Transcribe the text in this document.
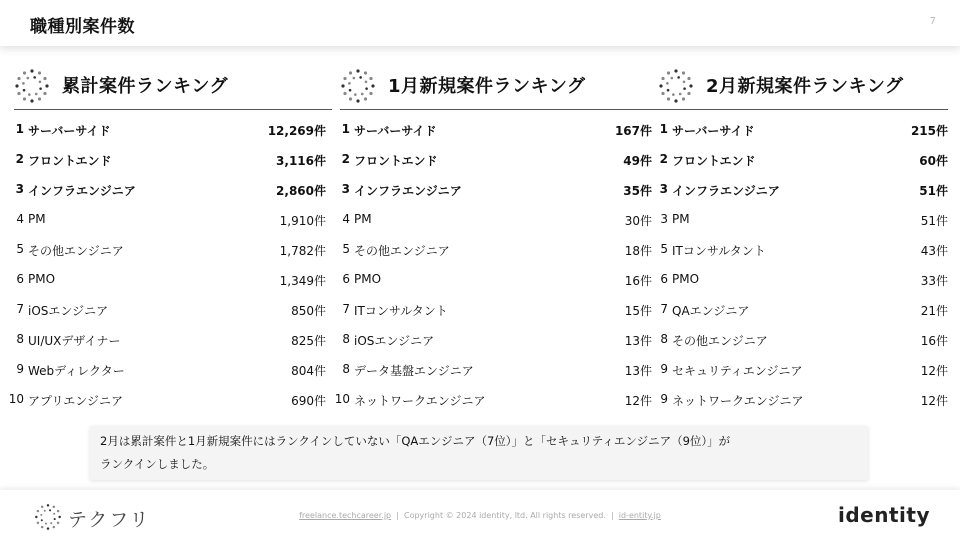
職種別案件数	7
累計案件ランキング
1 サーバーサイド	12,269件
2 フロントエンド	3,116件
3 インフラエンジニア	2,860件
4 PM	1,910件
5 その他エンジニア	1,782件
6 PMO	1,349件
7 iOSエンジニア	850件
8 UI/UXデザイナー	825件
9 Webディレクター	804件
10 アプリエンジニア	690件
1月新規案件ランキング
1 サーバーサイド	167件
2 フロントエンド	49件
3 インフラエンジニア	35件
4 PM	30件
5 その他エンジニア	18件
6 PMO	16件
7 ITコンサルタント	15件
8 iOSエンジニア	13件
8 データ基盤エンジニア	13件
10 ネットワークエンジニア	12件
2月新規案件ランキング
1 サーバーサイド	215件
2 フロントエンド	60件
3 インフラエンジニア	51件
3 PM	51件
5 ITコンサルタント	43件
6 PMO	33件
7 QAエンジニア	21件
8 その他エンジニア	16件
9 セキュリティエンジニア	12件
9 ネットワークエンジニア	12件
2月は累計案件と1月新規案件にはランクインしていない「QAエンジニア（7位）」と「セキュリティエンジニア（9位）」が
ランクインしました。
テクフリ	freelance.techcareer.jp  |  Copyright © 2024 identity, ltd. All rights reserved.  |  id-entity.jp	identity
